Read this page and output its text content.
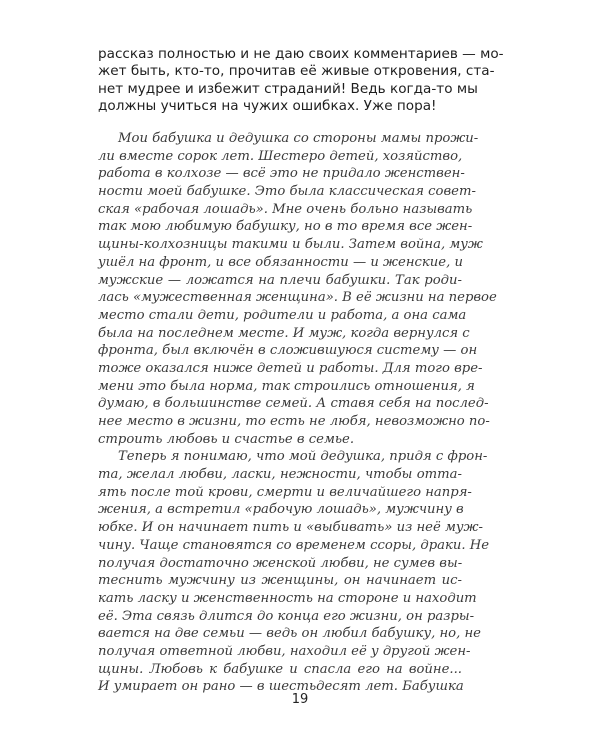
рассказ полностью и не даю своих комментариев — мо-
жет быть, кто-то, прочитав её живые откровения, ста-
нет мудрее и избежит страданий! Ведь когда-то мы
должны учиться на чужих ошибках. Уже пора!
Мои бабушка и дедушка со стороны мамы прожи-
ли вместе сорок лет. Шестеро детей, хозяйство,
работа в колхозе — всё это не придало женствен-
ности моей бабушке. Это была классическая совет-
ская «рабочая лошадь». Мне очень больно называть
так мою любимую бабушку, но в то время все жен-
щины-колхозницы такими и были. Затем война, муж
ушёл на фронт, и все обязанности — и женские, и
мужские — ложатся на плечи бабушки. Так роди-
лась «мужественная женщина». В её жизни на первое
место стали дети, родители и работа, а она сама
была на последнем месте. И муж, когда вернулся с
фронта, был включён в сложившуюся систему — он
тоже оказался ниже детей и работы. Для того вре-
мени это была норма, так строились отношения, я
думаю, в большинстве семей. А ставя себя на послед-
нее место в жизни, то есть не любя, невозможно по-
строить любовь и счастье в семье.
Теперь я понимаю, что мой дедушка, придя с фрон-
та, желал любви, ласки, нежности, чтобы отта-
ять после той крови, смерти и величайшего напря-
жения, а встретил «рабочую лошадь», мужчину в
юбке. И он начинает пить и «выбивать» из неё муж-
чину. Чаще становятся со временем ссоры, драки. Не
получая достаточно женской любви, не сумев вы-
теснить мужчину из женщины, он начинает ис-
кать ласку и женственность на стороне и находит
её. Эта связь длится до конца его жизни, он разры-
вается на две семьи — ведь он любил бабушку, но, не
получая ответной любви, находил её у другой жен-
щины. Любовь к бабушке и спасла его на войне...
И умирает он рано — в шестьдесят лет. Бабушка
19
